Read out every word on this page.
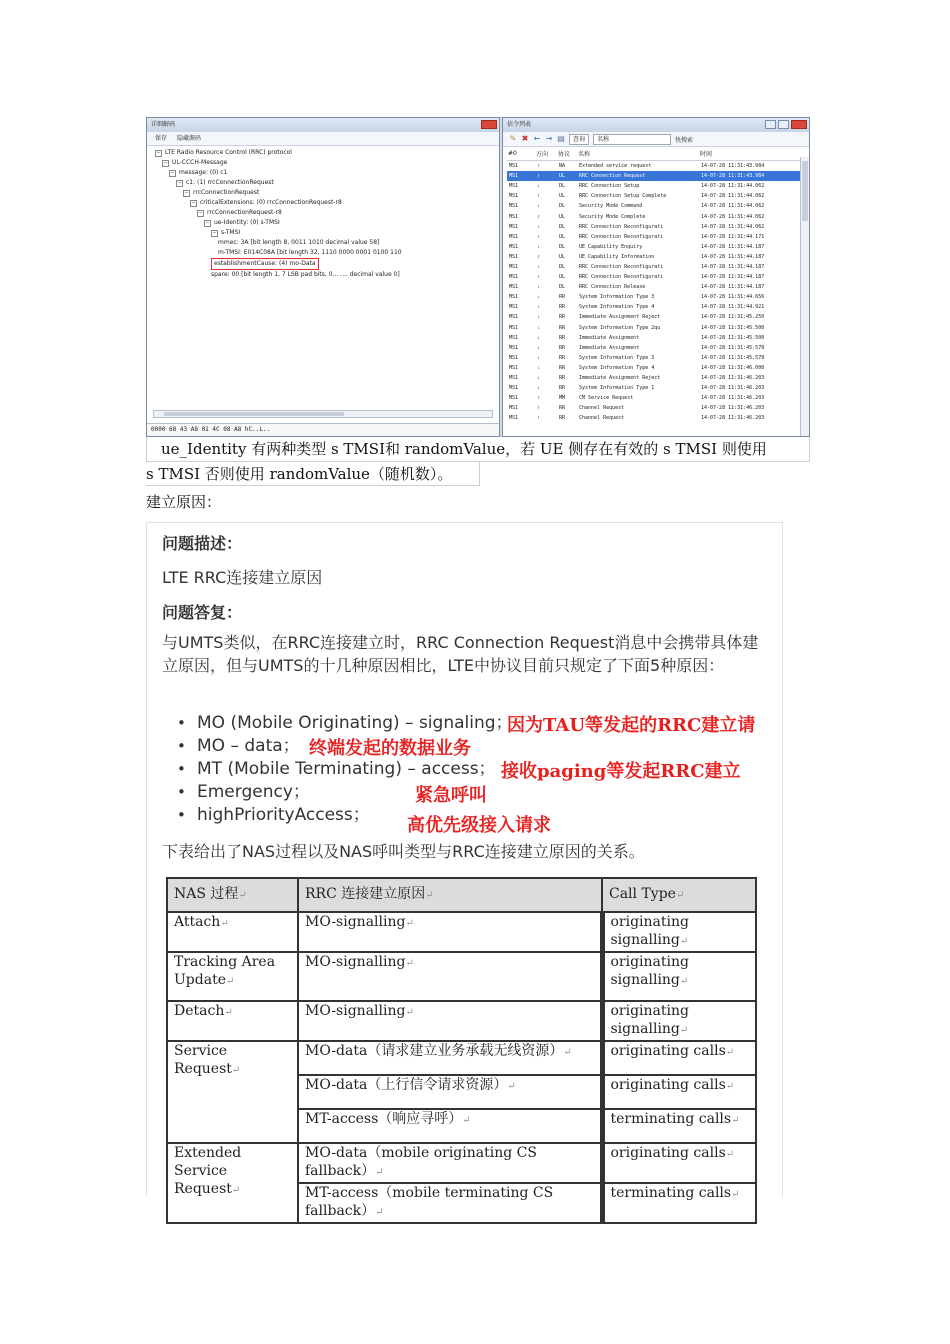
详细解码
保存 隐藏源码
− LTE Radio Resource Control (RRC) protocol
− UL-CCCH-Message
− message: (0) c1
− c1: (1) rrcConnectionRequest
− rrcConnectionRequest
− criticalExtensions: (0) rrcConnectionRequest-r8
− rrcConnectionRequest-r8
− ue-Identity: (0) s-TMSI
− s-TMSI
mmec: 3A [bit length 8, 0011 1010 decimal value 58]
m-TMSI: E014C08A [bit length 32, 1110 0000 0001 0100 110
establishmentCause: (4) mo-Data
spare: 00 [bit length 1, 7 LSB pad bits, 0... .... decimal value 0]
0000 68 43 A8 01 4C 08 A8 hC..L..
信令列表
✎ ✖ ← → ▤	查询	名称	快搜索
#0	方向	协议	名称	时间
MS1	↑	NA	Extended service request	14-07-28 11:31:43.984
MS1	↑	UL	RRC Connection Request	14-07-28 11:31:43.984
MS1	↓	DL	RRC Connection Setup	14-07-28 11:31:44.062
MS1	↑	UL	RRC Connection Setup Complete	14-07-28 11:31:44.062
MS1	↓	DL	Security Mode Command	14-07-28 11:31:44.062
MS1	↑	UL	Security Mode Complete	14-07-28 11:31:44.062
MS1	↓	DL	RRC Connection Reconfigurati	14-07-28 11:31:44.062
MS1	↑	UL	RRC Connection Reconfigurati	14-07-28 11:31:44.171
MS1	↓	DL	UE Capability Enquiry	14-07-28 11:31:44.187
MS1	↑	UL	UE Capability Information	14-07-28 11:31:44.187
MS1	↓	DL	RRC Connection Reconfigurati	14-07-28 11:31:44.187
MS1	↑	UL	RRC Connection Reconfigurati	14-07-28 11:31:44.187
MS1	↓	DL	RRC Connection Release	14-07-28 11:31:44.187
MS1	↓	RR	System Information Type 3	14-07-28 11:31:44.656
MS1	↓	RR	System Information Type 4	14-07-28 11:31:44.921
MS1	↓	RR	Immediate Assignment Reject	14-07-28 11:31:45.250
MS1	↓	RR	System Information Type 2qu	14-07-28 11:31:45.500
MS1	↓	RR	Immediate Assignment	14-07-28 11:31:45.500
MS1	↓	RR	Immediate Assignment	14-07-28 11:31:45.578
MS1	↓	RR	System Information Type 3	14-07-28 11:31:45.578
MS1	↓	RR	System Information Type 4	14-07-28 11:31:46.000
MS1	↓	RR	Immediate Assignment Reject	14-07-28 11:31:46.203
MS1	↓	RR	System Information Type 1	14-07-28 11:31:46.203
MS1	↑	MM	CM Service Request	14-07-28 11:31:46.203
MS1	↑	RR	Channel Request	14-07-28 11:31:46.203
MS1	↑	RR	Channel Request	14-07-28 11:31:46.203
ue_Identity 有两种类型 s TMSI和 randomValue，若 UE 侧存在有效的 s TMSI 则使用
s TMSI 否则使用 randomValue（随机数）。
建立原因：
问题描述：
LTE RRC连接建立原因
问题答复：
与UMTS类似，在RRC连接建立时，RRC Connection Request消息中会携带具体建立原因，但与UMTS的十几种原因相比，LTE中协议目前只规定了下面5种原因：
• MO (Mobile Originating) – signaling；
• MO – data；
• MT (Mobile Terminating) – access；
• Emergency；
• highPriorityAccess；
因为TAU等发起的RRC建立请
终端发起的数据业务
接收paging等发起RRC建立
紧急呼叫
高优先级接入请求
下表给出了NAS过程以及NAS呼叫类型与RRC连接建立原因的关系。
NAS 过程↵	RRC 连接建立原因↵	Call Type↵
Attach↵	MO-signalling↵	originating signalling↵
Tracking Area Update↵	MO-signalling↵	originating signalling↵
Detach↵	MO-signalling↵	originating signalling↵
Service Request↵	MO-data（请求建立业务承载无线资源）↵	originating calls↵
	MO-data（上行信令请求资源）↵	originating calls↵
	MT-access（响应寻呼）↵	terminating calls↵
Extended Service Request↵	MO-data（mobile originating CS fallback）↵	originating calls↵
	MT-access（mobile terminating CS fallback）↵	terminating calls↵
